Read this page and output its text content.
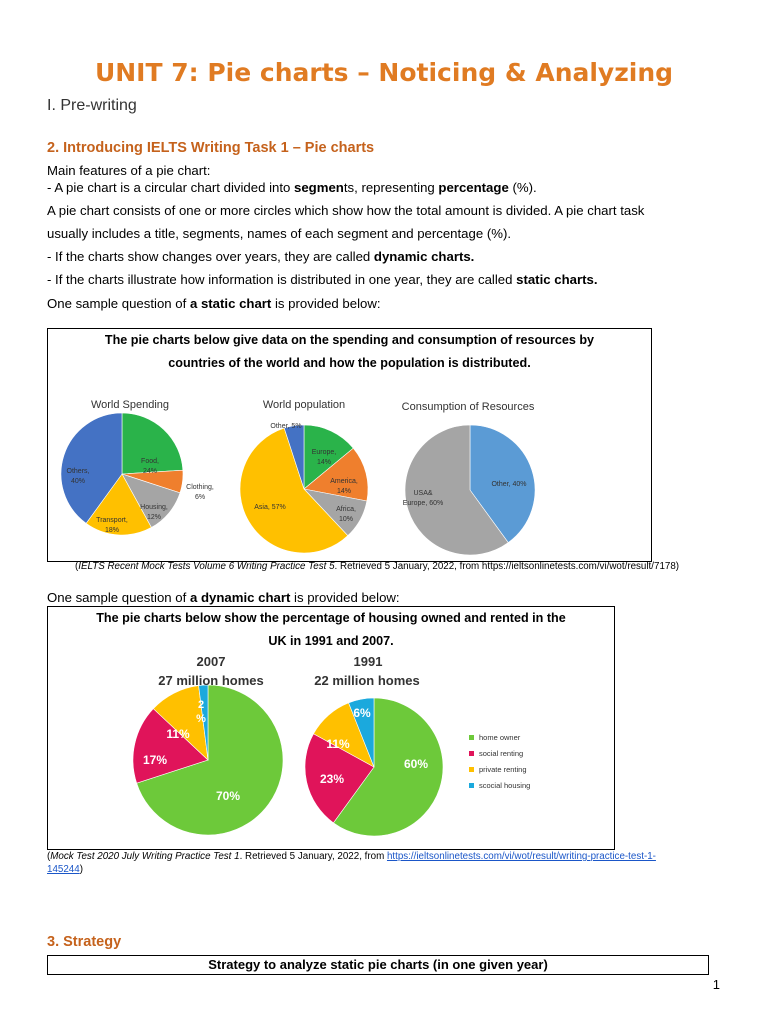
UNIT 7: Pie charts – Noticing & Analyzing
I. Pre-writing
2. Introducing IELTS Writing Task 1 – Pie charts
Main features of a pie chart:
- A pie chart is a circular chart divided into segments, representing percentage (%).
A pie chart consists of one or more circles which show how the total amount is divided. A pie chart task
usually includes a title, segments, names of each segment and percentage (%).
- If the charts show changes over years, they are called dynamic charts.
- If the charts illustrate how information is distributed in one year, they are called static charts.
One sample question of a static chart is provided below:
The pie charts below give data on the spending and consumption of resources by
countries of the world and how the population is distributed.
World Spending
Food, 24%
Clothing, 6%
Housing, 12%
Transport, 18%
Others, 40%
World population
Europe, 14%
America, 14%
Africa, 10%
Asia, 57%
Other, 5%
Consumption of Resources
Other, 40%
USA& Europe, 60%
(IELTS Recent Mock Tests Volume 6 Writing Practice Test 5. Retrieved 5 January, 2022, from https://ieltsonlinetests.com/vi/wot/result/7178)
One sample question of a dynamic chart is provided below:
The pie charts below show the percentage of housing owned and rented in the
UK in 1991 and 2007.
2007
27 million homes
70%
17%
11%
2 %
1991
22 million homes
60%
23%
11%
6%
home owner
social renting
private renting
scocial housing
(Mock Test 2020 July Writing Practice Test 1. Retrieved 5 January, 2022, from https://ieltsonlinetests.com/vi/wot/result/writing-practice-test-1-
145244)
3. Strategy
Strategy to analyze static pie charts (in one given year)
1
